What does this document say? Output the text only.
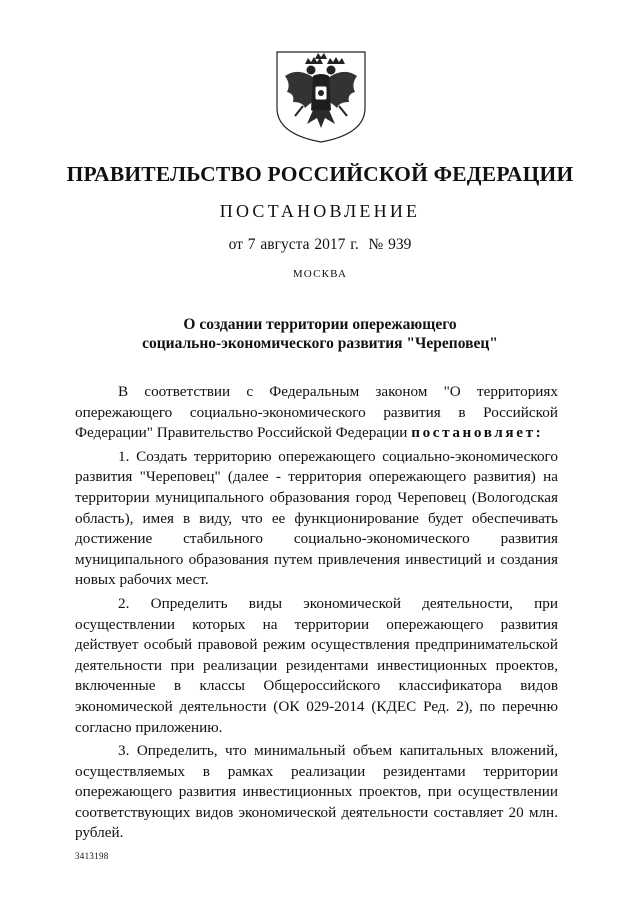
ПРАВИТЕЛЬСТВО РОССИЙСКОЙ ФЕДЕРАЦИИ
ПОСТАНОВЛЕНИЕ
от 7 августа 2017 г. № 939
МОСКВА
О создании территории опережающего
социально-экономического развития "Череповец"

В соответствии с Федеральным законом "О территориях опережающего социально-экономического развития в Российской Федерации" Правительство Российской Федерации постановляет:

1. Создать территорию опережающего социально-экономического развития "Череповец" (далее - территория опережающего развития) на территории муниципального образования город Череповец (Вологодская область), имея в виду, что ее функционирование будет обеспечивать достижение стабильного социально-экономического развития муниципального образования путем привлечения инвестиций и создания новых рабочих мест.

2. Определить виды экономической деятельности, при осуществлении которых на территории опережающего развития действует особый правовой режим осуществления предпринимательской деятельности при реализации резидентами инвестиционных проектов, включенные в классы Общероссийского классификатора видов экономической деятельности (ОК 029-2014 (КДЕС Ред. 2), по перечню согласно приложению.

3. Определить, что минимальный объем капитальных вложений, осуществляемых в рамках реализации резидентами территории опережающего развития инвестиционных проектов, при осуществлении соответствующих видов экономической деятельности составляет 20 млн. рублей.

3413198
